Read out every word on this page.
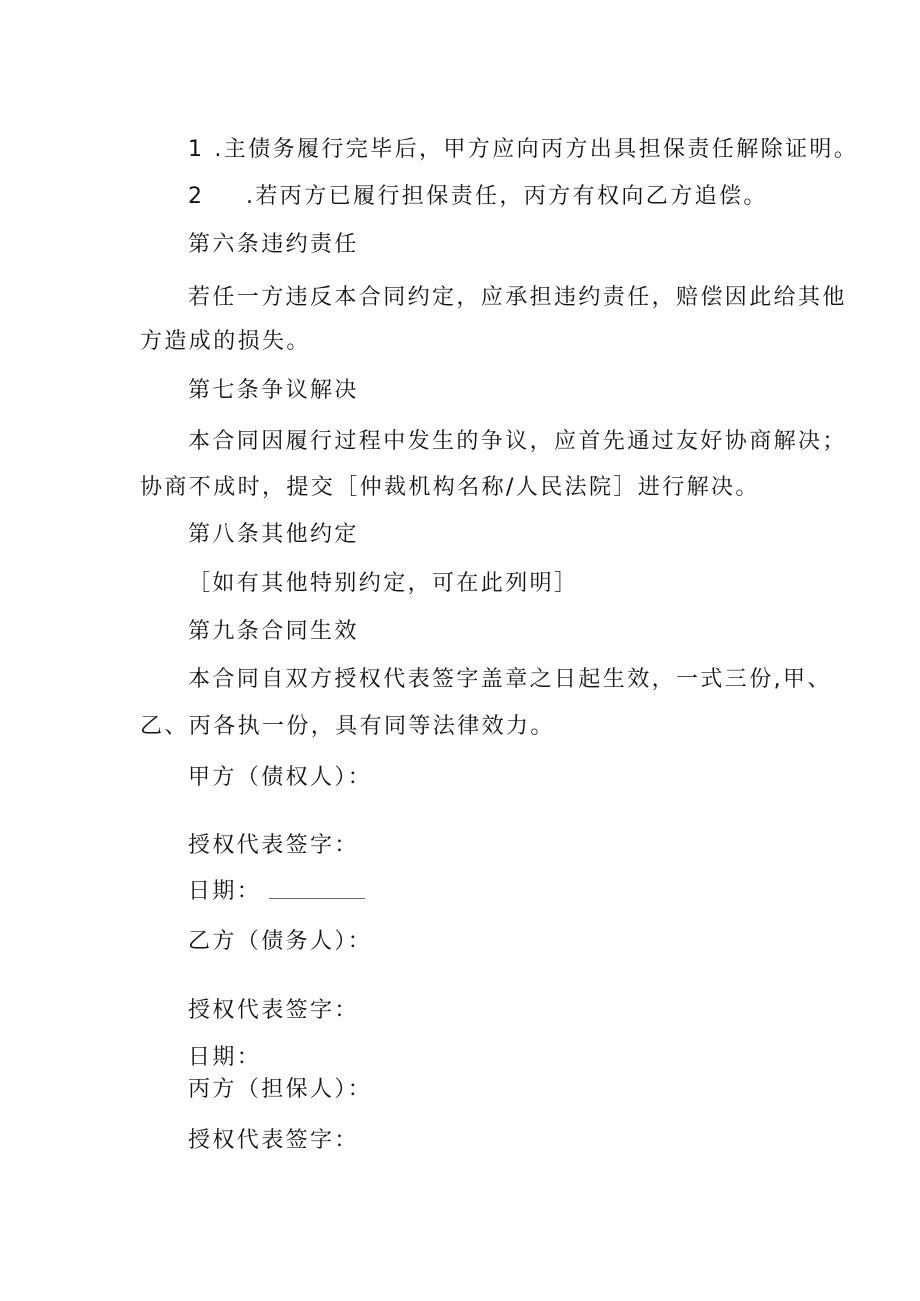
1 .主债务履行完毕后，甲方应向丙方出具担保责任解除证明。
2 .若丙方已履行担保责任，丙方有权向乙方追偿。
第六条违约责任
若任一方违反本合同约定，应承担违约责任，赔偿因此给其他
方造成的损失。
第七条争议解决
本合同因履行过程中发生的争议，应首先通过友好协商解决；
协商不成时，提交［仲裁机构名称/人民法院］进行解决。
第八条其他约定
［如有其他特别约定，可在此列明］
第九条合同生效
本合同自双方授权代表签字盖章之日起生效，一式三份,甲、
乙、丙各执一份，具有同等法律效力。
甲方（债权人）：
授权代表签字：
日期：
乙方（债务人）：
授权代表签字：
日期：
丙方（担保人）：
授权代表签字：
